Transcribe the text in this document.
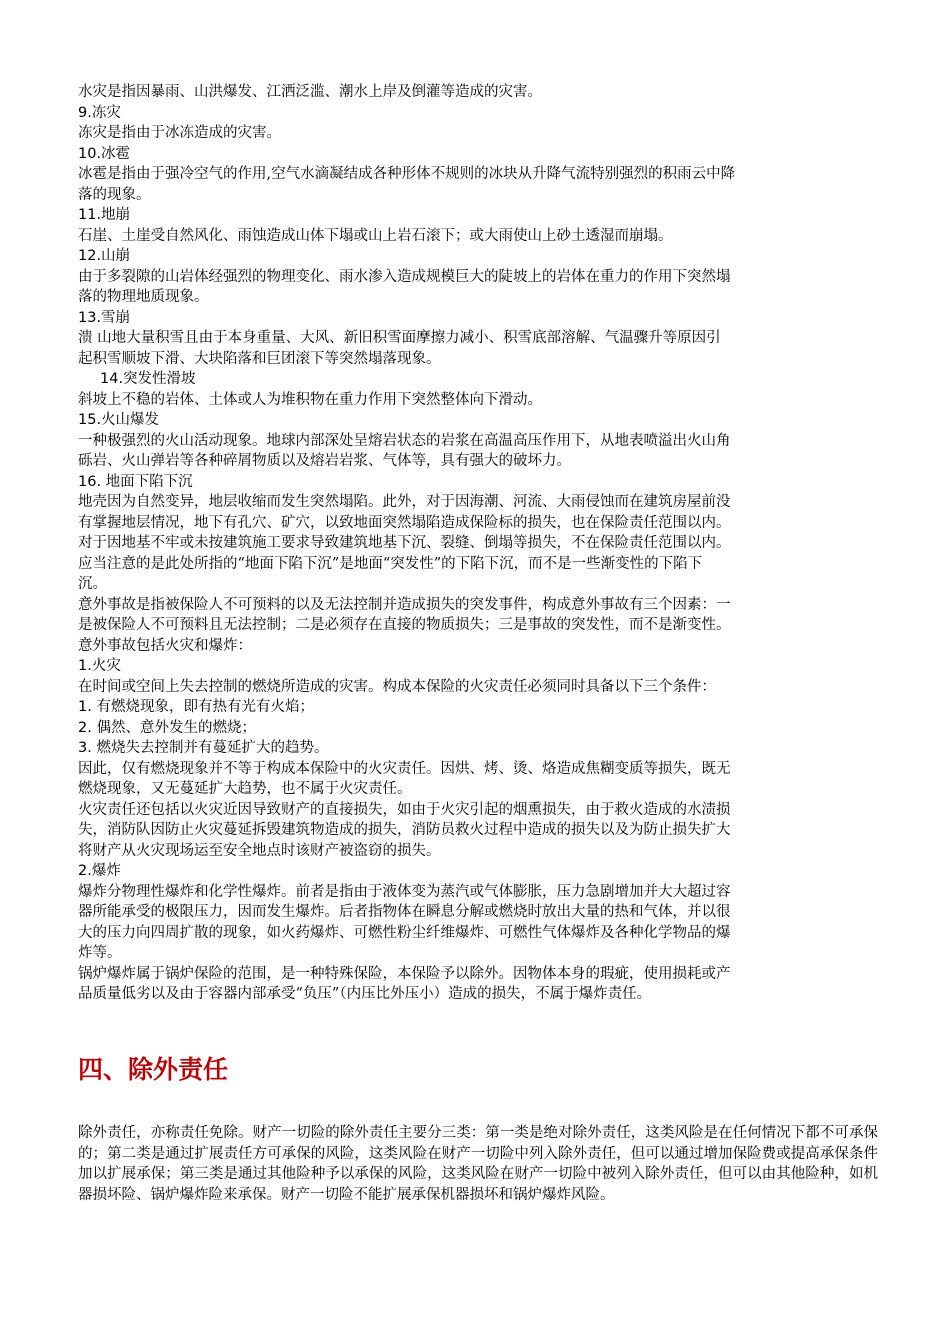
水灾是指因暴雨、山洪爆发、江洒泛滥、潮水上岸及倒灌等造成的灾害。
9.冻灾
冻灾是指由于冰冻造成的灾害。
10.冰雹
冰雹是指由于强冷空气的作用,空气水滴凝结成各种形体不规则的冰块从升降气流特别强烈的积雨云中降
落的现象。
11.地崩
石崖、土崖受自然风化、雨蚀造成山体下塌或山上岩石滚下；或大雨使山上砂土透湿而崩塌。
12.山崩
由于多裂隙的山岩体经强烈的物理变化、雨水渗入造成规模巨大的陡坡上的岩体在重力的作用下突然塌
落的物理地质现象。
13.雪崩
溃 山地大量积雪且由于本身重量、大风、新旧积雪面摩擦力减小、积雪底部溶解、气温骤升等原因引
起积雪顺坡下滑、大块陷落和巨团滚下等突然塌落现象。
14.突发性滑坡
斜坡上不稳的岩体、土体或人为堆积物在重力作用下突然整体向下滑动。
15.火山爆发
一种极强烈的火山活动现象。地球内部深处呈熔岩状态的岩浆在高温高压作用下，从地表喷溢出火山角
砾岩、火山弹岩等各种碎屑物质以及熔岩岩浆、气体等，具有强大的破坏力。
16. 地面下陷下沉
地壳因为自然变异，地层收缩而发生突然塌陷。此外，对于因海潮、河流、大雨侵蚀而在建筑房屋前没
有掌握地层情况，地下有孔穴、矿穴，以致地面突然塌陷造成保险标的损失，也在保险责任范围以内。
对于因地基不牢或未按建筑施工要求导致建筑地基下沉、裂缝、倒塌等损失，不在保险责任范围以内。
应当注意的是此处所指的“地面下陷下沉”是地面“突发性”的下陷下沉，而不是一些渐变性的下陷下
沉。
意外事故是指被保险人不可预料的以及无法控制并造成损失的突发事件，构成意外事故有三个因素：一
是被保险人不可预料且无法控制；二是必须存在直接的物质损失；三是事故的突发性，而不是渐变性。
意外事故包括火灾和爆炸：
1.火灾
在时间或空间上失去控制的燃烧所造成的灾害。构成本保险的火灾责任必须同时具备以下三个条件：
1. 有燃烧现象，即有热有光有火焰；
2. 偶然、意外发生的燃烧；
3. 燃烧失去控制并有蔓延扩大的趋势。
因此，仅有燃烧现象并不等于构成本保险中的火灾责任。因烘、烤、烫、烙造成焦糊变质等损失，既无
燃烧现象，又无蔓延扩大趋势，也不属于火灾责任。
火灾责任还包括以火灾近因导致财产的直接损失，如由于火灾引起的烟熏损失，由于救火造成的水渍损
失，消防队因防止火灾蔓延拆毁建筑物造成的损失，消防员救火过程中造成的损失以及为防止损失扩大
将财产从火灾现场运至安全地点时该财产被盗窃的损失。
2.爆炸
爆炸分物理性爆炸和化学性爆炸。前者是指由于液体变为蒸汽或气体膨胀，压力急剧增加并大大超过容
器所能承受的极限压力，因而发生爆炸。后者指物体在瞬息分解或燃烧时放出大量的热和气体，并以很
大的压力向四周扩散的现象，如火药爆炸、可燃性粉尘纤维爆炸、可燃性气体爆炸及各种化学物品的爆
炸等。
锅炉爆炸属于锅炉保险的范围，是一种特殊保险，本保险予以除外。因物体本身的瑕疵，使用损耗或产
品质量低劣以及由于容器内部承受“负压”（内压比外压小）造成的损失，不属于爆炸责任。
四、除外责任
除外责任，亦称责任免除。财产一切险的除外责任主要分三类：第一类是绝对除外责任，这类风险是在任何情况下都不可承保的；第二类是通过扩展责任方可承保的风险，这类风险在财产一切险中列入除外责任，但可以通过增加保险费或提高承保条件加以扩展承保；第三类是通过其他险种予以承保的风险，这类风险在财产一切险中被列入除外责任，但可以由其他险种，如机器损坏险、锅炉爆炸险来承保。财产一切险不能扩展承保机器损坏和锅炉爆炸风险。
